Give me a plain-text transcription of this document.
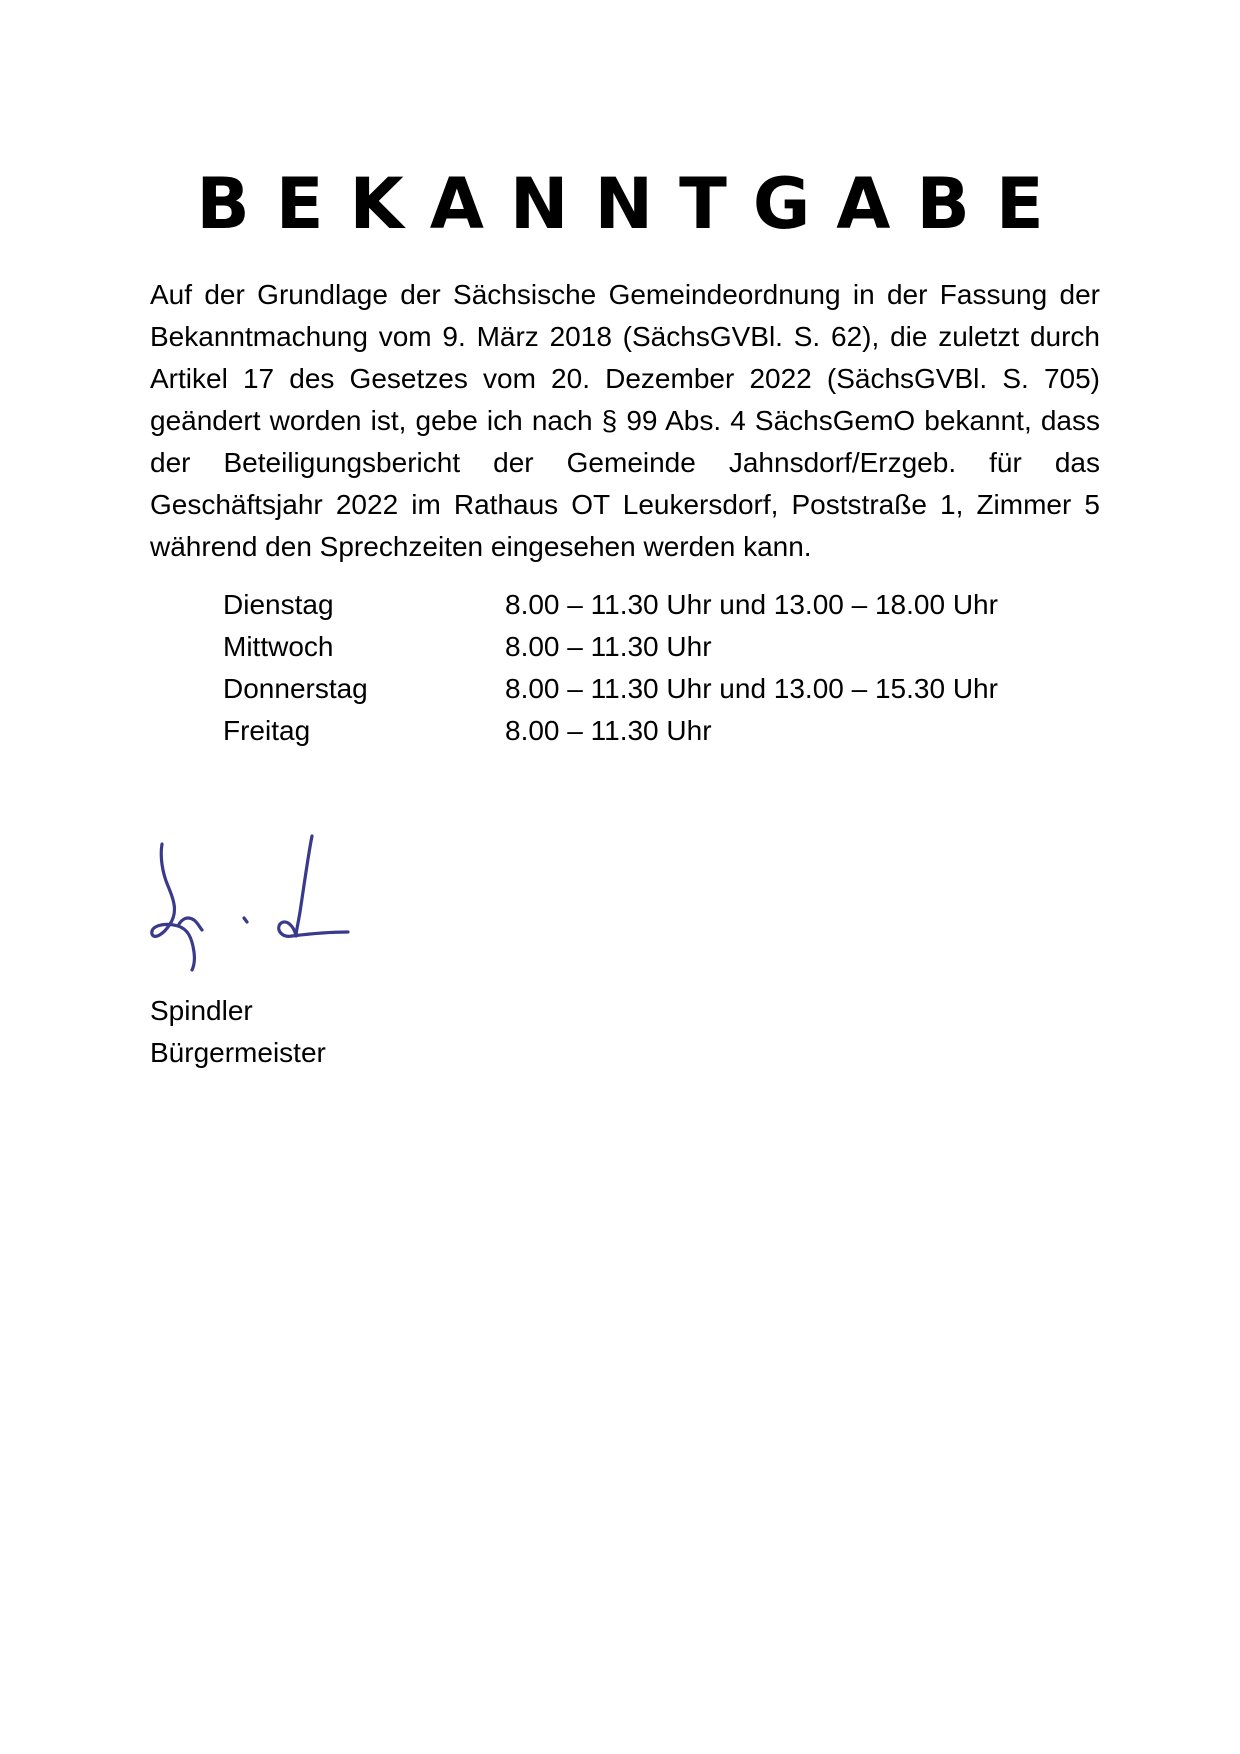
BEKANNTGABE

Auf der Grundlage der Sächsische Gemeindeordnung in der Fassung der Bekanntmachung vom 9. März 2018 (SächsGVBl. S. 62), die zuletzt durch Artikel 17 des Gesetzes vom 20. Dezember 2022 (SächsGVBl. S. 705) geändert worden ist, gebe ich nach § 99 Abs. 4 SächsGemO bekannt, dass der Beteiligungsbericht der Gemeinde Jahnsdorf/Erzgeb. für das Geschäftsjahr 2022 im Rathaus OT Leukersdorf, Poststraße 1, Zimmer 5 während den Sprechzeiten eingesehen werden kann.

Dienstag	8.00 – 11.30 Uhr und 13.00 – 18.00 Uhr
Mittwoch	8.00 – 11.30 Uhr
Donnerstag	8.00 – 11.30 Uhr und 13.00 – 15.30 Uhr
Freitag	8.00 – 11.30 Uhr
Spindler
Bürgermeister
